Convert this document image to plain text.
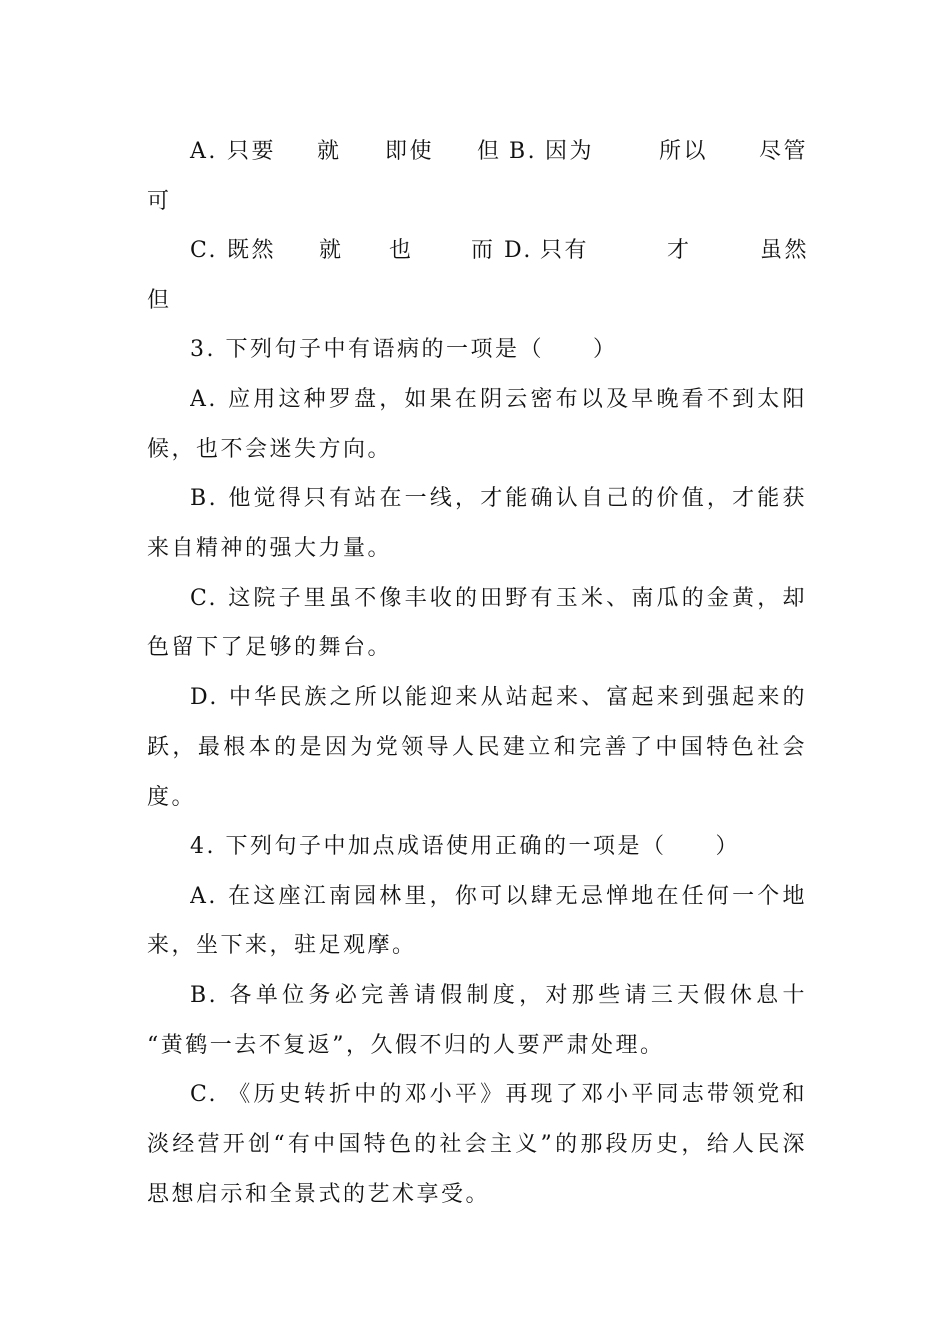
A. 只要 就 即使 但 B. 因为	所以 尽管
可
C. 既然 就 也	而 D. 只有	才	虽然
但
3. 下列句子中有语病的一项是（　　）
A. 应用这种罗盘，如果在阴云密布以及早晚看不到太阳
候，也不会迷失方向。
B. 他觉得只有站在一线，才能确认自己的价值，才能获
来自精神的强大力量。
C. 这院子里虽不像丰收的田野有玉米、南瓜的金黄，却
色留下了足够的舞台。
D. 中华民族之所以能迎来从站起来、富起来到强起来的
跃，最根本的是因为党领导人民建立和完善了中国特色社会
度。
4. 下列句子中加点成语使用正确的一项是（　　）
A. 在这座江南园林里，你可以肆无忌惮地在任何一个地
来，坐下来，驻足观摩。
B. 各单位务必完善请假制度，对那些请三天假休息十
“黄鹤一去不复返”，久假不归的人要严肃处理。
C. 《历史转折中的邓小平》再现了邓小平同志带领党和
淡经营开创“有中国特色的社会主义”的那段历史，给人民深
思想启示和全景式的艺术享受。
